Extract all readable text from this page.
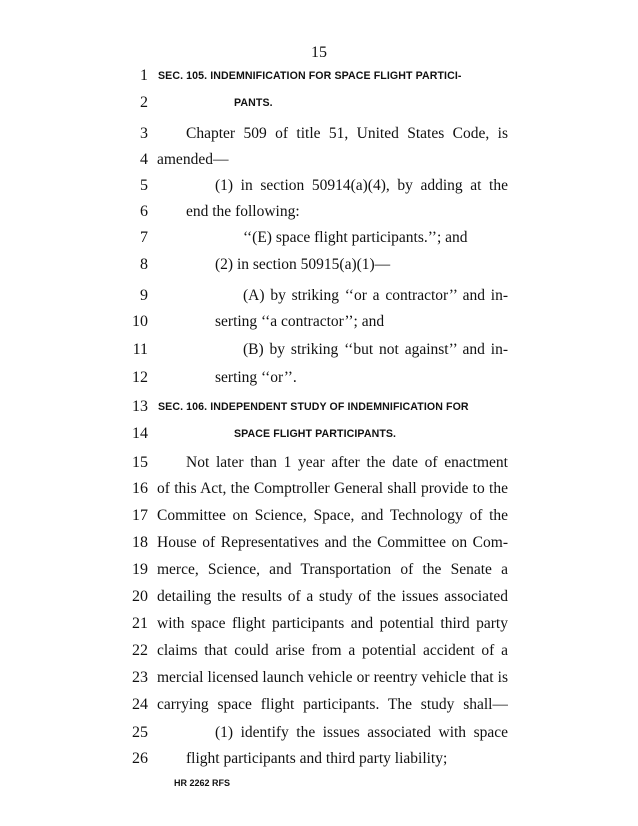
15
1 SEC. 105. INDEMNIFICATION FOR SPACE FLIGHT PARTICI-
2	PANTS.
3 Chapter 509 of title 51, United States Code, is
4 amended—
5	(1) in section 50914(a)(4), by adding at the
6 end the following:
7	‘‘(E) space flight participants.’’; and
8	(2) in section 50915(a)(1)—
9	(A) by striking ‘‘or a contractor’’ and in-
10	serting ‘‘a contractor’’; and
11	(B) by striking ‘‘but not against’’ and in-
12	serting ‘‘or’’.
13 SEC. 106. INDEPENDENT STUDY OF INDEMNIFICATION FOR
14	SPACE FLIGHT PARTICIPANTS.
15 Not later than 1 year after the date of enactment
16 of this Act, the Comptroller General shall provide to the
17 Committee on Science, Space, and Technology of the
18 House of Representatives and the Committee on Com-
19 merce, Science, and Transportation of the Senate a
20 detailing the results of a study of the issues associated
21 with space flight participants and potential third party
22 claims that could arise from a potential accident of a
23 mercial licensed launch vehicle or reentry vehicle that is
24 carrying space flight participants. The study shall—
25	(1) identify the issues associated with space
26 flight participants and third party liability;
HR 2262 RFS
